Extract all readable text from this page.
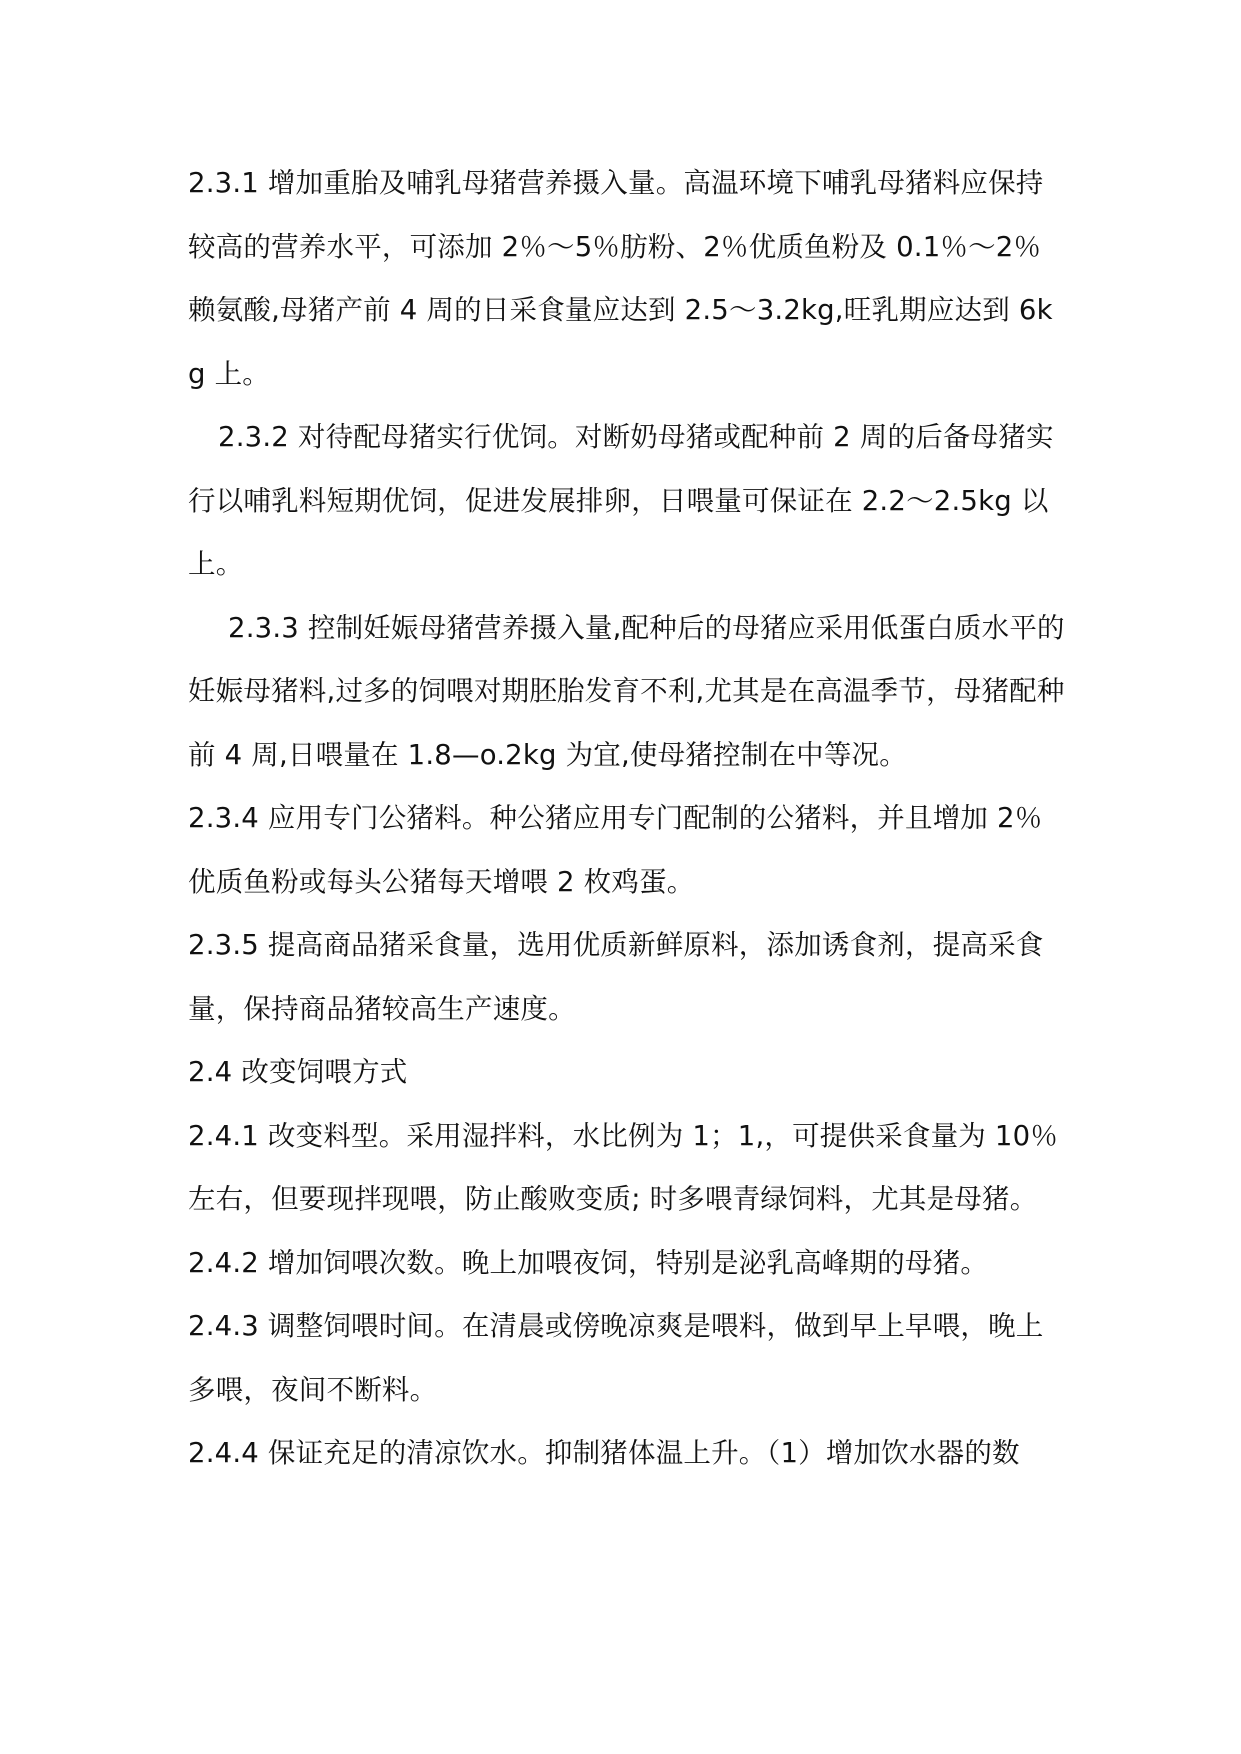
2.3.1 增加重胎及哺乳母猪营养摄入量。高温环境下哺乳母猪料应保持较高的营养水平，可添加 2％～5％肪粉、2％优质鱼粉及 0.1％～2％赖氨酸,母猪产前 4 周的日采食量应达到 2.5～3.2kg,旺乳期应达到 6kg 上。

2.3.2 对待配母猪实行优饲。对断奶母猪或配种前 2 周的后备母猪实行以哺乳料短期优饲，促进发展排卵，日喂量可保证在 2.2～2.5kg 以上。

2.3.3 控制妊娠母猪营养摄入量,配种后的母猪应采用低蛋白质水平的妊娠母猪料,过多的饲喂对期胚胎发育不利,尤其是在高温季节，母猪配种前 4 周,日喂量在 1.8—o.2kg 为宜,使母猪控制在中等况。

2.3.4 应用专门公猪料。种公猪应用专门配制的公猪料，并且增加 2％优质鱼粉或每头公猪每天增喂 2 枚鸡蛋。

2.3.5 提高商品猪采食量，选用优质新鲜原料，添加诱食剂，提高采食量，保持商品猪较高生产速度。

2.4 改变饲喂方式

2.4.1 改变料型。采用湿拌料，水比例为 1；1,，可提供采食量为 10％左右，但要现拌现喂，防止酸败变质; 时多喂青绿饲料，尤其是母猪。

2.4.2 增加饲喂次数。晚上加喂夜饲，特别是泌乳高峰期的母猪。

2.4.3 调整饲喂时间。在清晨或傍晚凉爽是喂料，做到早上早喂，晚上多喂，夜间不断料。

2.4.4 保证充足的清凉饮水。抑制猪体温上升。（1）增加饮水器的数
